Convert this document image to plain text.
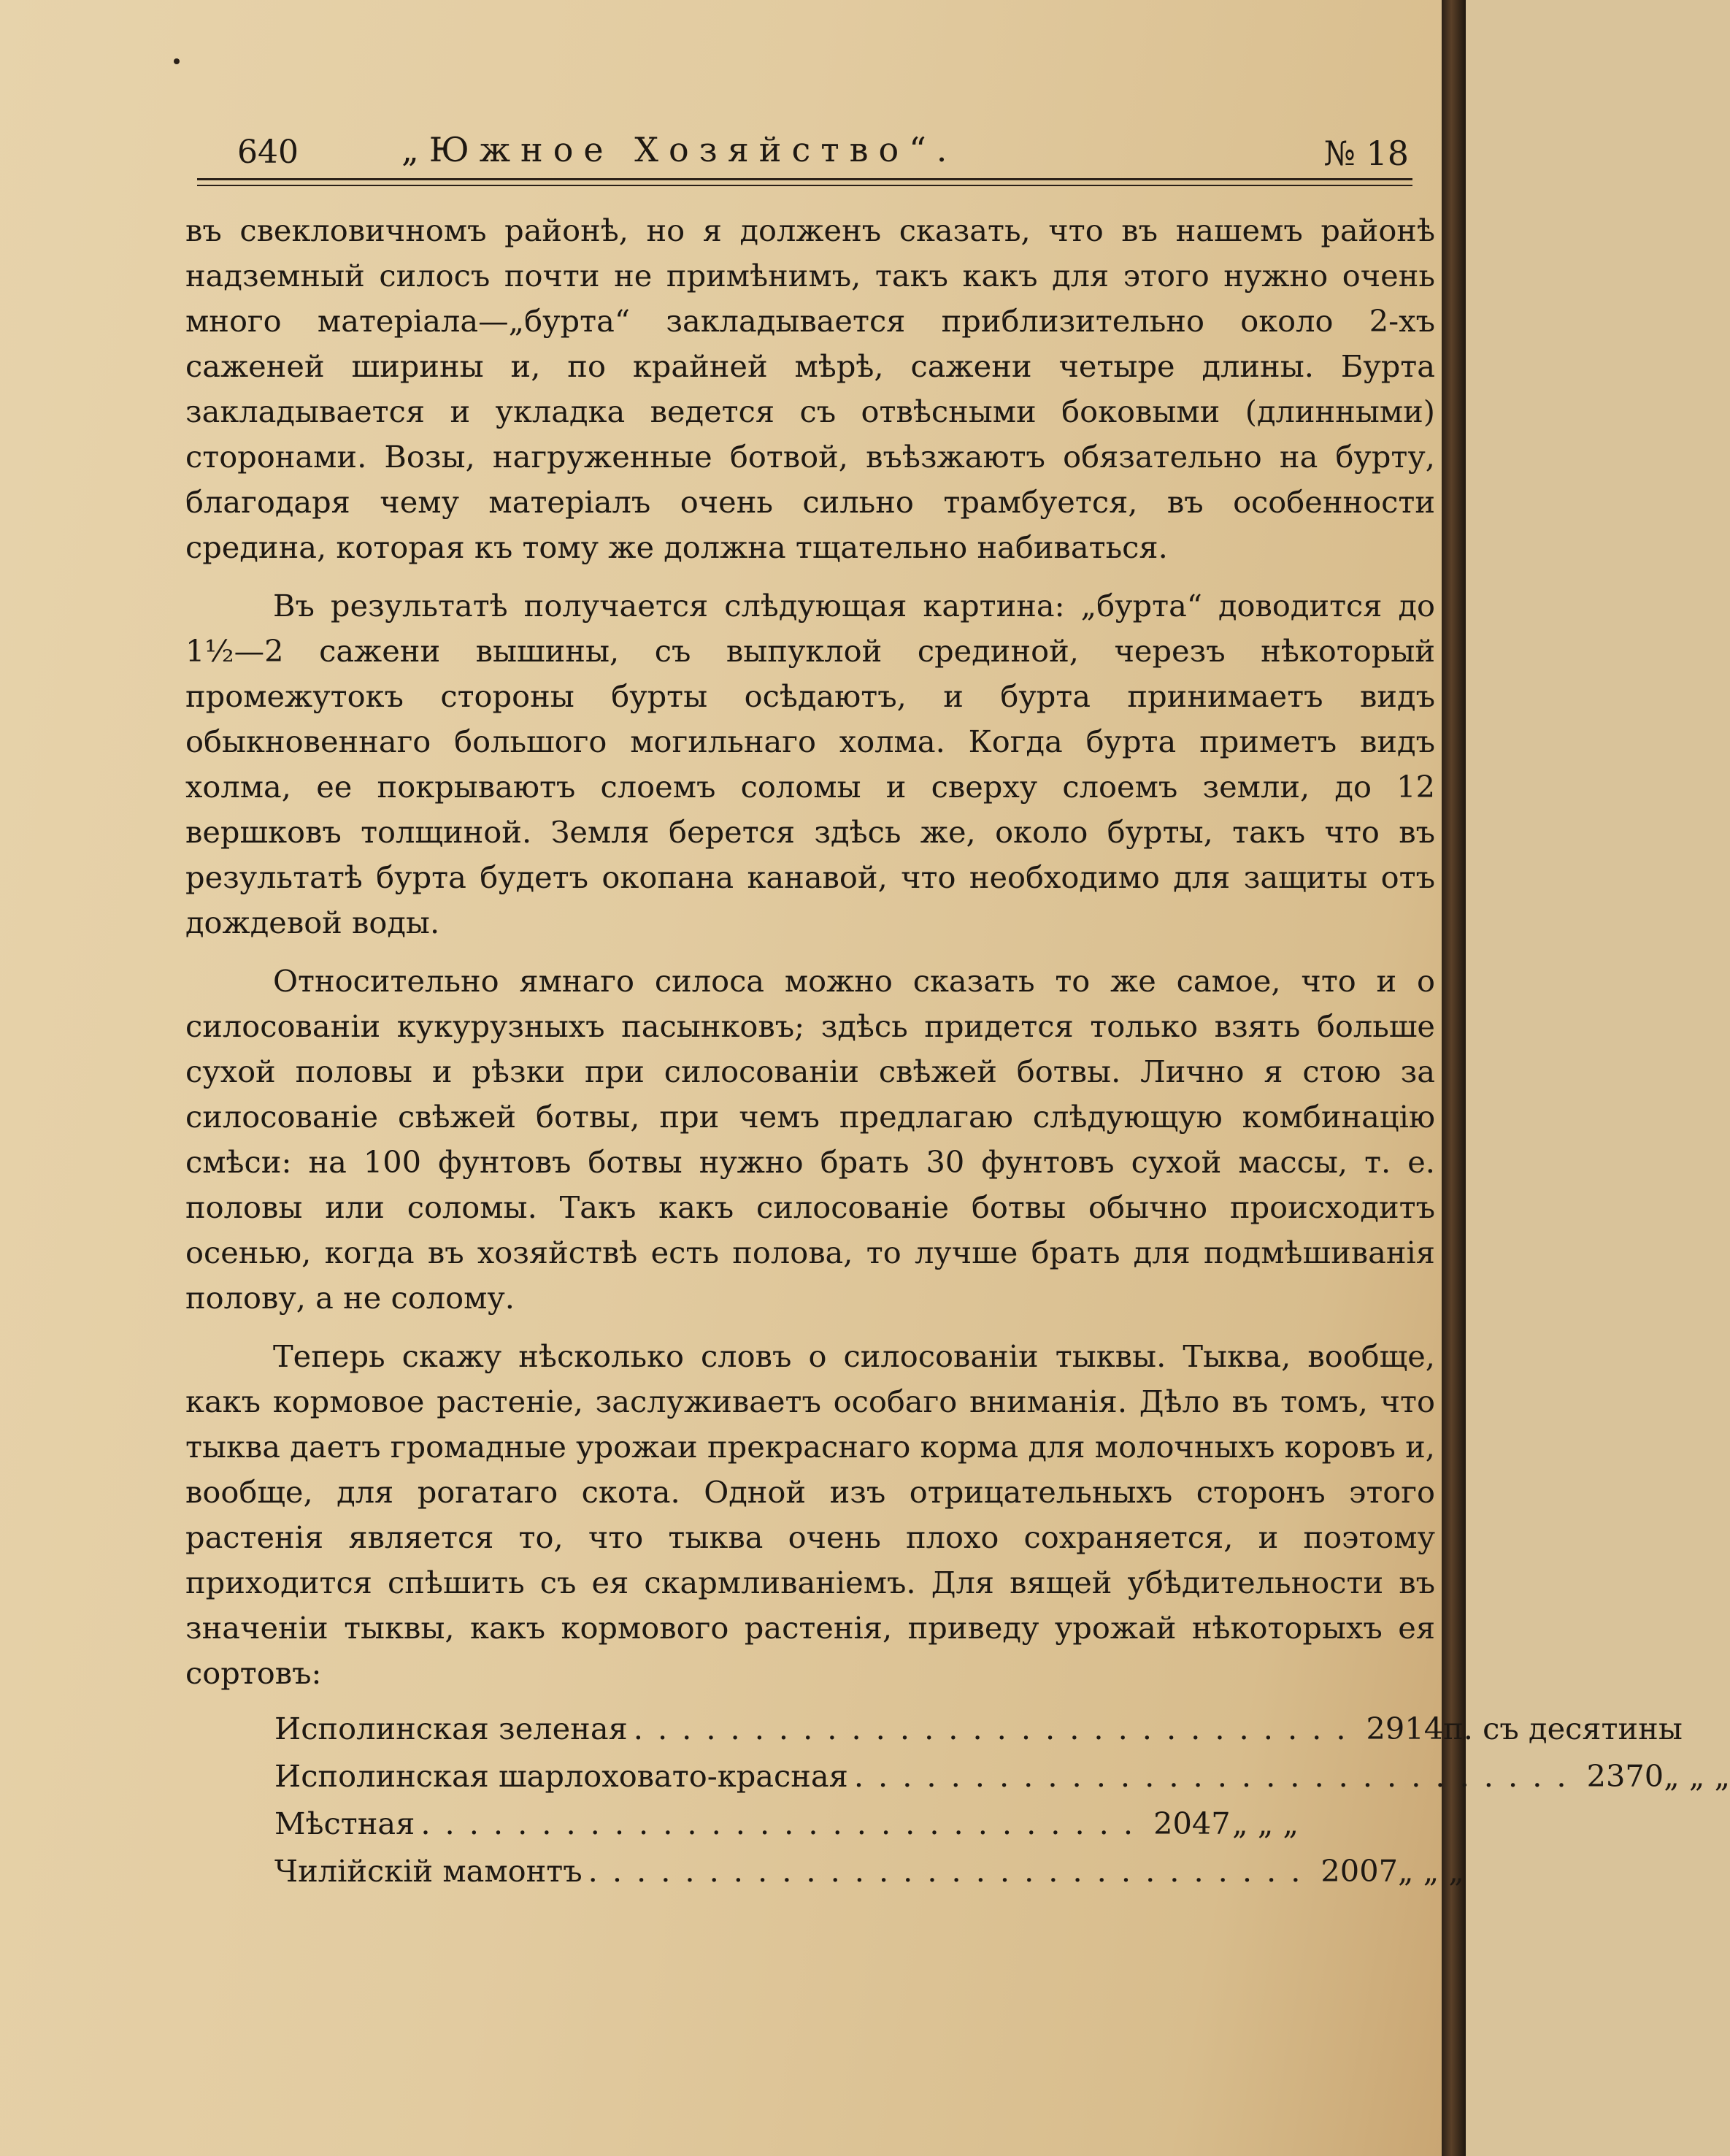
640	„Южное Хозяйство“.	№ 18

въ свекловичномъ районѣ, но я долженъ сказать, что въ нашемъ районѣ надземный силосъ почти не примѣнимъ, такъ какъ для этого нужно очень много матеріала—„бурта“ закладывается приблизительно около 2-хъ саженей ширины и, по крайней мѣрѣ, сажени четыре длины. Бурта закладывается и укладка ведется съ отвѣсными боковыми (длинными) сторонами. Возы, нагруженные ботвой, въѣзжаютъ обязательно на бурту, благодаря чему матеріалъ очень сильно трамбуется, въ особенности средина, которая къ тому же должна тщательно набиваться.

Въ результатѣ получается слѣдующая картина: „бурта“ доводится до 1½—2 сажени вышины, съ выпуклой срединой, черезъ нѣкоторый промежутокъ стороны бурты осѣдаютъ, и бурта принимаетъ видъ обыкновеннаго большого могильнаго холма. Когда бурта приметъ видъ холма, ее покрываютъ слоемъ соломы и сверху слоемъ земли, до 12 вершковъ толщиной. Земля берется здѣсь же, около бурты, такъ что въ результатѣ бурта будетъ окопана канавой, что необходимо для защиты отъ дождевой воды.

Относительно ямнаго силоса можно сказать то же самое, что и о силосованіи кукурузныхъ пасынковъ; здѣсь придется только взять больше сухой половы и рѣзки при силосованіи свѣжей ботвы. Лично я стою за силосованіе свѣжей ботвы, при чемъ предлагаю слѣдующую комбинацію смѣси: на 100 фунтовъ ботвы нужно брать 30 фунтовъ сухой массы, т. е. половы или соломы. Такъ какъ силосованіе ботвы обычно происходитъ осенью, когда въ хозяйствѣ есть полова, то лучше брать для подмѣшиванія полову, а не солому.

Теперь скажу нѣсколько словъ о силосованіи тыквы. Тыква, вообще, какъ кормовое растеніе, заслуживаетъ особаго вниманія. Дѣло въ томъ, что тыква даетъ громадные урожаи прекраснаго корма для молочныхъ коровъ и, вообще, для рогатаго скота. Одной изъ отрицательныхъ сторонъ этого растенія является то, что тыква очень плохо сохраняется, и поэтому приходится спѣшить съ ея скармливаніемъ. Для вящей убѣдительности въ значеніи тыквы, какъ кормового растенія, приведу урожай нѣкоторыхъ ея сортовъ:

Исполинская зеленая .............................. 2914 п. съ десятины
Исполинская шарлоховато-красная .............................. 2370 „ „ „
Мѣстная .............................. 2047 „ „ „
Чилійскій мамонтъ .............................. 2007 „ „ „
